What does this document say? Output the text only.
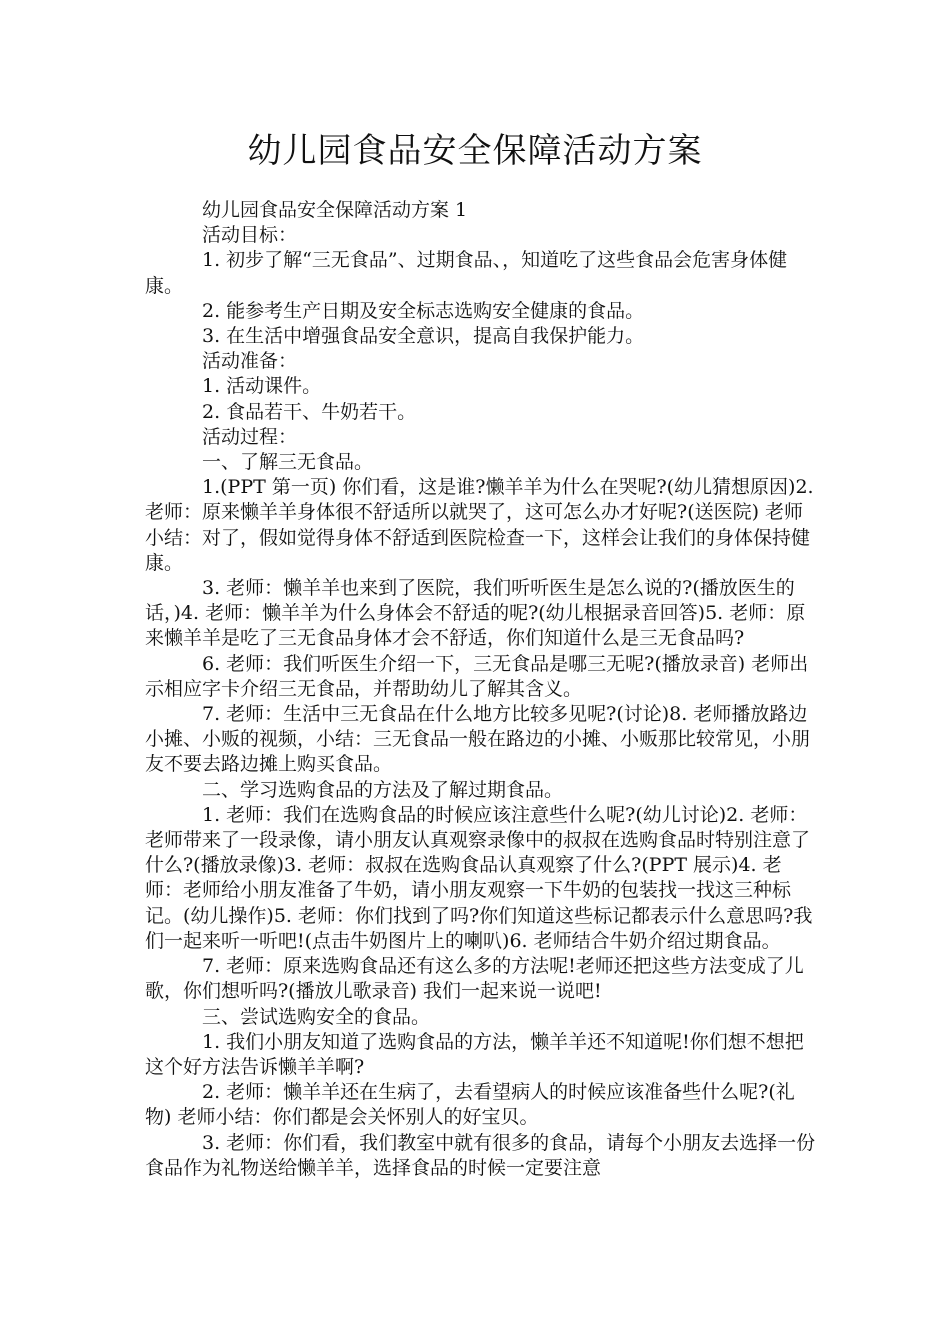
幼儿园食品安全保障活动方案

幼儿园食品安全保障活动方案 1

活动目标：

1. 初步了解“三无食品”、过期食品、，知道吃了这些食品会危害身体健康。

2. 能参考生产日期及安全标志选购安全健康的食品。

3. 在生活中增强食品安全意识，提高自我保护能力。

活动准备：

1. 活动课件。

2. 食品若干、牛奶若干。

活动过程：

一、了解三无食品。

1.(PPT 第一页) 你们看，这是谁?懒羊羊为什么在哭呢?(幼儿猜想原因)2. 老师：原来懒羊羊身体很不舒适所以就哭了，这可怎么办才好呢?(送医院) 老师小结：对了，假如觉得身体不舒适到医院检查一下，这样会让我们的身体保持健康。

3. 老师：懒羊羊也来到了医院，我们听听医生是怎么说的?(播放医生的话，)4. 老师：懒羊羊为什么身体会不舒适的呢?(幼儿根据录音回答)5. 老师：原来懒羊羊是吃了三无食品身体才会不舒适，你们知道什么是三无食品吗?

6. 老师：我们听医生介绍一下，三无食品是哪三无呢?(播放录音) 老师出示相应字卡介绍三无食品，并帮助幼儿了解其含义。

7. 老师：生活中三无食品在什么地方比较多见呢?(讨论)8. 老师播放路边小摊、小贩的视频，小结：三无食品一般在路边的小摊、小贩那比较常见，小朋友不要去路边摊上购买食品。

二、学习选购食品的方法及了解过期食品。

1. 老师：我们在选购食品的时候应该注意些什么呢?(幼儿讨论)2. 老师：老师带来了一段录像，请小朋友认真观察录像中的叔叔在选购食品时特别注意了什么?(播放录像)3. 老师：叔叔在选购食品认真观察了什么?(PPT 展示)4. 老师：老师给小朋友准备了牛奶，请小朋友观察一下牛奶的包装找一找这三种标记。(幼儿操作)5. 老师：你们找到了吗?你们知道这些标记都表示什么意思吗?我们一起来听一听吧!(点击牛奶图片上的喇叭)6. 老师结合牛奶介绍过期食品。

7. 老师：原来选购食品还有这么多的方法呢!老师还把这些方法变成了儿歌，你们想听吗?(播放儿歌录音) 我们一起来说一说吧!

三、尝试选购安全的食品。

1. 我们小朋友知道了选购食品的方法，懒羊羊还不知道呢!你们想不想把这个好方法告诉懒羊羊啊?

2. 老师：懒羊羊还在生病了，去看望病人的时候应该准备些什么呢?(礼物) 老师小结：你们都是会关怀别人的好宝贝。

3. 老师：你们看，我们教室中就有很多的食品，请每个小朋友去选择一份食品作为礼物送给懒羊羊，选择食品的时候一定要注意
